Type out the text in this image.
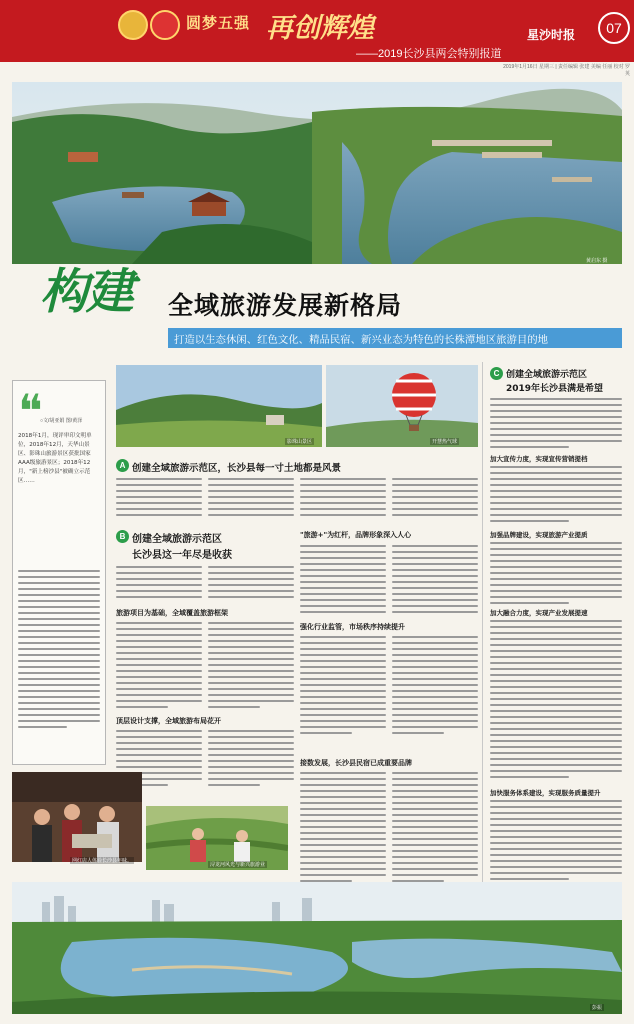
圆梦五强 再创辉煌
——2019长沙县两会特别报道
星沙时报	07
2019年1月16日 星期三 | 责任编辑 张建 美编 任丽 校对 罗英
黄启东 摄
构建 全域旅游发展新格局
打造以生态休闲、红色文化、精品民宿、新兴业态为特色的长株潭地区旅游目的地
❝
○文/胡亚娟 图/黄泽
2018年1月，现评审印文明单位，2018年12月，天华山景区、影珠山旅游景区获批国家AAA级旅游景区；2018年12月，"新上榜沙县"被确立示范区……
影珠山景区	开慧热气球
A 创建全域旅游示范区，长沙县每一寸土地都是风景
B 创建全域旅游示范区
长沙县这一年尽是收获
旅游项目为基础，全域覆盖旅游框架
顶层设计支撑，全域旅游布局花开
"旅游+"为红杆，品牌形象深入人心
强化行业监管，市场秩序持续提升
接数发展，长沙县民宿已成重要品牌
C 创建全域旅游示范区
2019年长沙县满是希望
加大宣传力度，实现宣传营销提档
加强品牌建设，实现旅游产业提质
加大融合力度，实现产业发展提速
加快服务体系建设，实现服务质量提升
网红店人体验长沙县年味。
浔龙河风光与新兴旅游业
彭振
